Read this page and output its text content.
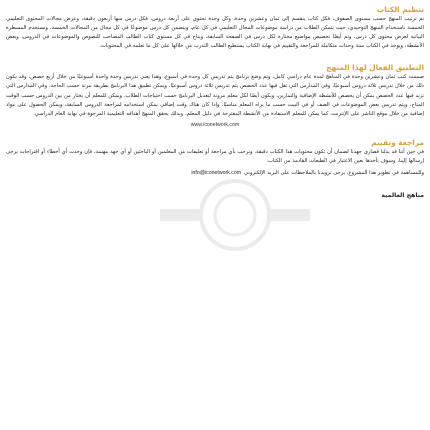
تنظيم الكتاب

تم ترتيب المنهج حسب مستوى الصفوف، فكل كتاب ينقسم إلى ثمان وعشرين وحدة، وكل وحدة تحتوي على أربعة دروس، فكل درس منها أربعون دقيقة، وعرض مجالات المحتوى التعليمي الخمسة باستخدام المنهج التوحيدي، حيث يتمكن الطلاب من دراسة موضوعات المجال التعليمي في كل عام، ويتضمن كل درس موضوعًا في كل مجال من المجالات الخمسة، وتستخدم المسطرة البيانية لعرض محتوى كل درس، وتم أيضًا تخصيص مواضيع مختارة لكل درس في الصفحة السابقة، ويتاح في كل مستوى كتاب الطالب المصاحب للنصوص والموضوعات في الدروس، وبعض الأنشطة، ويوجد في الكتاب ستة وحدات متكاملة للمراجعة والتقييم في نهاية الكتاب يستطيع الطالب التدرب من خلالها على كل ما تعلمه في المحتويات.

التطبيق الفعال لهذا المنهج

صممت كتب ثمان وعشرين وحدة في المناهج لمدة عام دراسي كامل، وتم وضع برنامج يتم تدريس كل وحدة في أسبوع، وهذا يعني تدريس وحدة واحدة أسبوعيًا من خلال أربع حصص، وقد يكون ذلك من خلال تدريس ثلاثة دروس أسبوعيًا، وفي المدارس التي تقل فيها عدد الحصص يتم تدريس ثلاثة دروس أسبوعيًا، ويمكن تطبيق هذا البرنامج بطريقة مرنة حسب الحاجة، وفي المدارس التي تزيد فيها عدد الحصص يمكن أن يخصص للأنشطة الإضافية والتمارين، ويكون أيضًا لكل معلم مرونة لتعديل البرنامج حسب احتياجات الطلاب، ويمكن للمعلم أن يختار من بين الدروس حسب الوقت المتاح، ويتم تدريس بعض الموضوعات في الصف أو في البيت حسب ما يراه المعلم مناسبًا، وإذا كان هناك وقت إضافي يمكن استخدامه لمراجعة الدروس السابقة، ويمكن الحصول على مواد إضافية من خلال موقع الناشر على الإنترنت، كما يمكن للمعلم الاستفادة من الأنشطة المقترحة في دليل المعلم، وبذلك يحقق المنهج أهدافه التعليمية المرجوة في نهاية العام الدراسي.

www.iconetwork.com
مراجعة وتقييم

في حين أننا قد بذلنا قصارى جهدنا لضمان أن تكون محتويات هذا الكتاب دقيقة، ونرحب بأي مراجعة أو تعليقات من المعلمين أو الباحثين أو أي جهة مهتمة، فإن وجدت أي أخطاء أو اقتراحات يرجى إرسالها إلينا، وسوف نأخذها بعين الاعتبار في الطبعات القادمة من الكتاب.

وللمساهمة في تطوير هذا المشروع، يرجى تزويدنا بالملاحظات على البريد الإلكتروني
info@iconetwork.com
مناهج العالمية
